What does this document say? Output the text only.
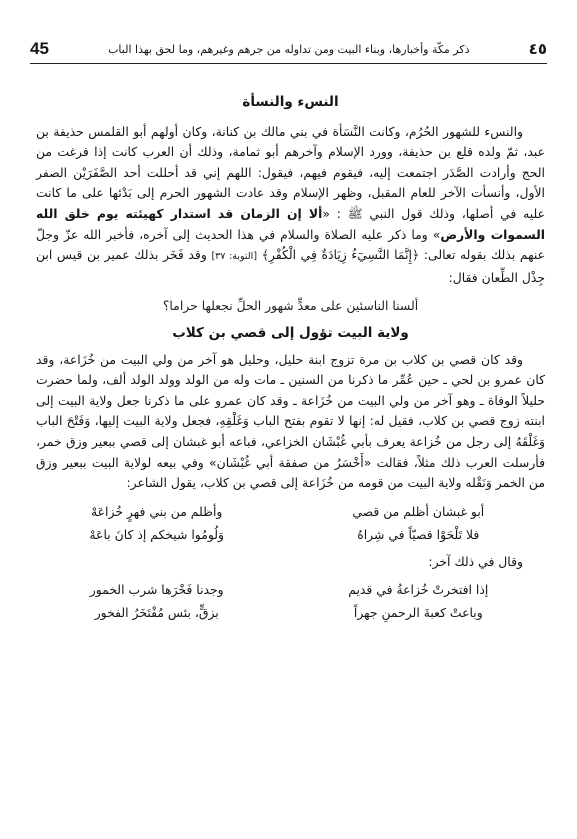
45	ذكر مكّة وأخبارها، وبناء البيت ومن تداوله من جرهم وغيرهم، وما لحق بهذا الباب	٤٥
النسء والنسأة

والنسء للشهور الحُرُم، وكانت النَّسَأة في بني مالك بن كنانة، وكان أولهم أبو القلمس حذيفة بن عبد، ثمّ ولده قلع بن حذيفة، وورد الإسلام وآخرهم أبو ثمامة، وذلك أن العرب كانت إذا فرغت من الحج وأرادت الصَّدَر اجتمعت إليه، فيقوم فيهم، فيقول: اللهم إني قد أحللت أحد الصَّفَرَيْن الصفر الأول، وأنسأت الآخر للعام المقبل، وظهر الإسلام وقد عادت الشهور الحرم إلى بَدْئها على ما كانت عليه في أصلها، وذلك قول النبي ﷺ : «ألا إن الزمان قد استدار كهيئته يوم خلق الله السموات والأرض» وما ذكر عليه الصلاة والسلام في هذا الحديث إلى آخره، فأخبر الله عزّ وجلّ عنهم بذلك بقوله تعالى: ﴿إِنَّمَا النَّسِيٓءُ زِيَادَةٌ فِي الْكُفْرِ﴾ [التوبة: ٣٧] وقد فَخَر بذلك عمير بن قيس ابن جِذْل الطِّعان فقال:

ألسنا الناسئين على معدٍّ شهور الحلِّ نجعلها حراما؟
ولاية البيت تؤول إلى قصي بن كلاب

وقد كان قصي بن كلاب بن مرة تزوج ابنة حليل، وحليل هو آخر من ولي البيت من خُزَاعة، وقد كان عمرو بن لحي ـ حين عُمِّر ما ذكرنا من السنين ـ مات وله من الولد وولد الولد ألف، ولما حضرت حليلاً الوفاة ـ وهو آخر من ولي البيت من خُزَاعة ـ وقد كان عمرو على ما ذكرنا جعل ولاية البيت إلى ابنته زوج قصي بن كلاب، فقيل له: إنها لا تقوم بفتح الباب وَغَلْقِهِ، فجعل ولاية البيت إليها، وَفَتْحَ الباب وَغَلْقَهُ إلى رجل من خُزاعة يعرف بأبي غُبْشَان الخزاعي، فباعه أبو غبشان إلى قصي ببعير وزق خمر، فأرسلت العرب ذلك مثلاً، فقالت «أَخْسَرُ من صفقة أبي غُبْشَان» وفي بيعه لولاية البيت ببعير وزق من الخمر وَنَقْله ولاية البيت من قومه من خُزَاعة إلى قصي بن كلاب، يقول الشاعر:

أبو غبشان أظلم من قصي
وأظلم من بني فهرٍ خُزاعَهْ
فلا تَلْحَوْا قصيّاً في شِراهُ
وَلُومُوا شيخكم إذ كانَ باعَهْ

وقال في ذلك آخر:

إذا افتخرتْ خُزاعةُ في قديم
وجدنا فَخْرَها شرب الخمور
وباعتْ كعبةَ الرحمنِ جهراً
بزقٍّ، بئس مُفْتَخَرُ الفخور
